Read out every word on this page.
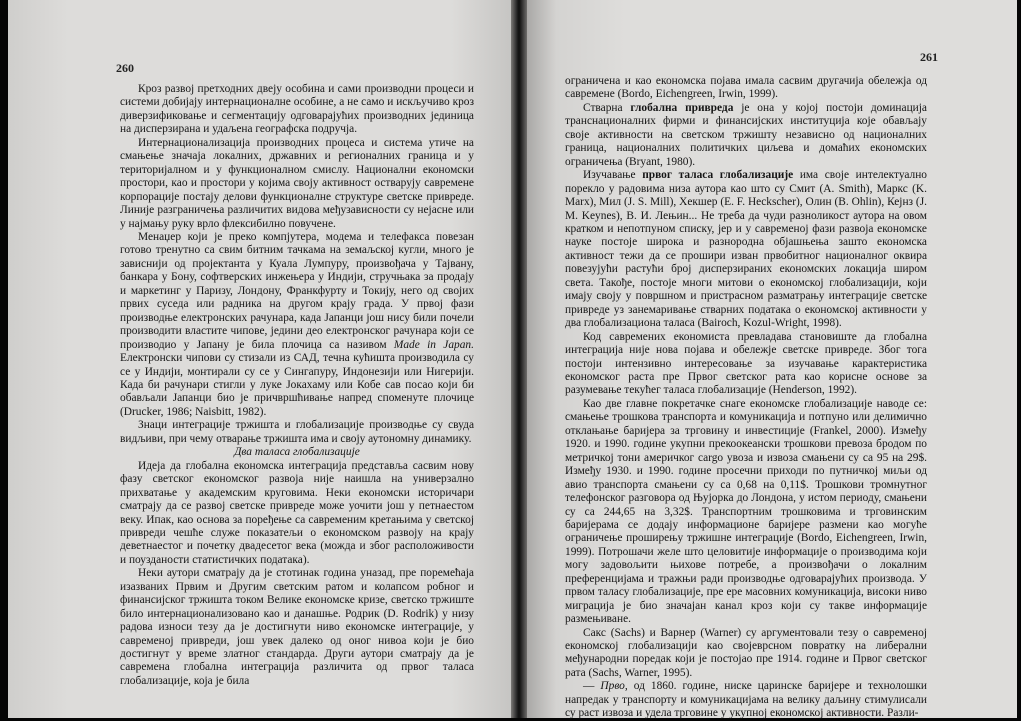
260

Кроз развој претходних двеју особина и сами производни процеси и системи добијају интернационалне особине, а не само и искључиво кроз диверзификовање и сегментацију одговарајућих производних јединица на дисперзирана и удаљена географска подручја.

Интернационализација производних процеса и система утиче на смањење значаја локалних, државних и регионалних граница и у територијалном и у функционалном смислу. Национални економски простори, као и простори у којима своју активност остварују савремене корпорације постају делови функционалне структуре светске привреде. Линије разграничења различитих видова међузависности су нејасне или у најмању руку врло флексибилно повучене.

Менаџер који је преко компјутера, модема и телефакса повезан готово тренутно са свим битним тачкама на земаљској кугли, много је зависнији од пројектанта у Куала Лумпуру, произвођача у Тајвану, банкара у Бону, софтверских инжењера у Индији, стручњака за продају и маркетинг у Паризу, Лондону, Франкфурту и Токију, него од својих првих суседа или радника на другом крају града. У првој фази производње електронских рачунара, када Јапанци још нису били почели производити властите чипове, једини део електронског рачунара који се производио у Јапану је била плочица са називом Made in Japan. Електронски чипови су стизали из САД, течна кућишта производила су се у Индији, монтирали су се у Сингапуру, Индонезији или Нигерији. Када би рачунари стигли у луке Јокахаму или Кобе сав посао који би обављали Јапанци био је причвршћивање напред споменуте плочице (Drucker, 1986; Naisbitt, 1982).

Знаци интеграције тржишта и глобализације производње су свуда видљиви, при чему отварање тржишта има и своју аутономну динамику.

Два таласа глобализације

Идеја да глобална економска интеграција представља сасвим нову фазу светског економског развоја није наишла на универзално прихватање у академским круговима. Неки економски историчари сматрају да се развој светске привреде може уочити још у петнаестом веку. Ипак, као основа за поређење са савременим кретањима у светској привреди чешће служе показатељи о економском развоју на крају деветнаестог и почетку двадесетог века (можда и због расположивости и поузданости статистичких података).

Неки аутори сматрају да је стотинак година уназад, пре поремећаја изазваних Првим и Другим светским ратом и колапсом робног и финансијског тржишта током Велике економске кризе, светско тржиште било интернационализовано као и данашње. Родрик (D. Rodrik) у низу радова износи тезу да је достигнути ниво економске интеграције, у савременој привреди, још увек далеко од оног нивоа који је био достигнут у време златног стандарда. Други аутори сматрају да је савремена глобална интеграција различита од првог таласа глобализације, која је била

261

ограничена и као економска појава имала сасвим другачија обележја од савремене (Bordo, Eichengreen, Irwin, 1999).

Стварна глобална привреда је она у којој постоји доминација транснационалних фирми и финансијских институција које обављају своје активности на светском тржишту независно од националних граница, националних политичких циљева и домаћих економских ограничења (Bryant, 1980).

Изучавање првог таласа глобализације има своје интелектуално порекло у радовима низа аутора као што су Смит (A. Smith), Маркс (K. Marx), Мил (J. S. Mill), Хекшер (E. F. Heckscher), Олин (B. Ohlin), Кејнз (J. M. Keynes), В. И. Лењин... Не треба да чуди разноликост аутора на овом кратком и непотпуном списку, јер и у савременој фази развоја економске науке постоје широка и разнородна објашњења зашто економска активност тежи да се прошири изван првобитног националног оквира повезујући растући број дисперзираних економских локација широм света. Такође, постоје многи митови о економској глобализацији, који имају своју у површном и пристрасном разматрању интеграције светске привреде уз занемаривање стварних података о економској активности у два глобализациона таласа (Bairoch, Kozul-Wright, 1998).

Код савремених економиста превладава становиште да глобална интеграција није нова појава и обележје светске привреде. Због тога постоји интензивно интересовање за изучавање карактеристика економског раста пре Првог светског рата као корисне основе за разумевање текућег таласа глобализације (Henderson, 1992).

Као две главне покретачке снаге економске глобализације наводе се: смањење трошкова транспорта и комуникација и потпуно или делимично отклањање баријера за трговину и инвестиције (Frankel, 2000). Између 1920. и 1990. године укупни прекоокеански трошкови превоза бродом по метричкој тони америчког cargo увоза и извоза смањени су са 95 на 29$. Између 1930. и 1990. године просечни приходи по путничкој миљи од авио транспорта смањени су са 0,68 на 0,11$. Трошкови тромнутног телефонског разговора од Њујорка до Лондона, у истом периоду, смањени су са 244,65 на 3,32$. Транспортним трошковима и трговинским баријерама се додају информационе баријере размени као могуће ограничење проширењу тржишне интеграције (Bordo, Eichengreen, Irwin, 1999). Потрошачи желе што целовитије информације о производима који могу задовољити њихове потребе, а произвођачи о локалним преференцијама и тражњи ради производње одговарајућих производа. У првом таласу глобализације, пре ере масовних комуникација, високи ниво миграција је био значајан канал кроз који су такве информације размењиване.

Сакс (Sachs) и Варнер (Warner) су аргументовали тезу о савременој економској глобализацији као својеврсном повратку на либерални међународни поредак који је постојао пре 1914. године и Првог светског рата (Sachs, Warner, 1995).

— Прво, од 1860. године, ниске царинске баријере и технолошки напредак у транспорту и комуникацијама на велику даљину стимулисали су раст извоза и удела трговине у укупној економској активности. Разли-
